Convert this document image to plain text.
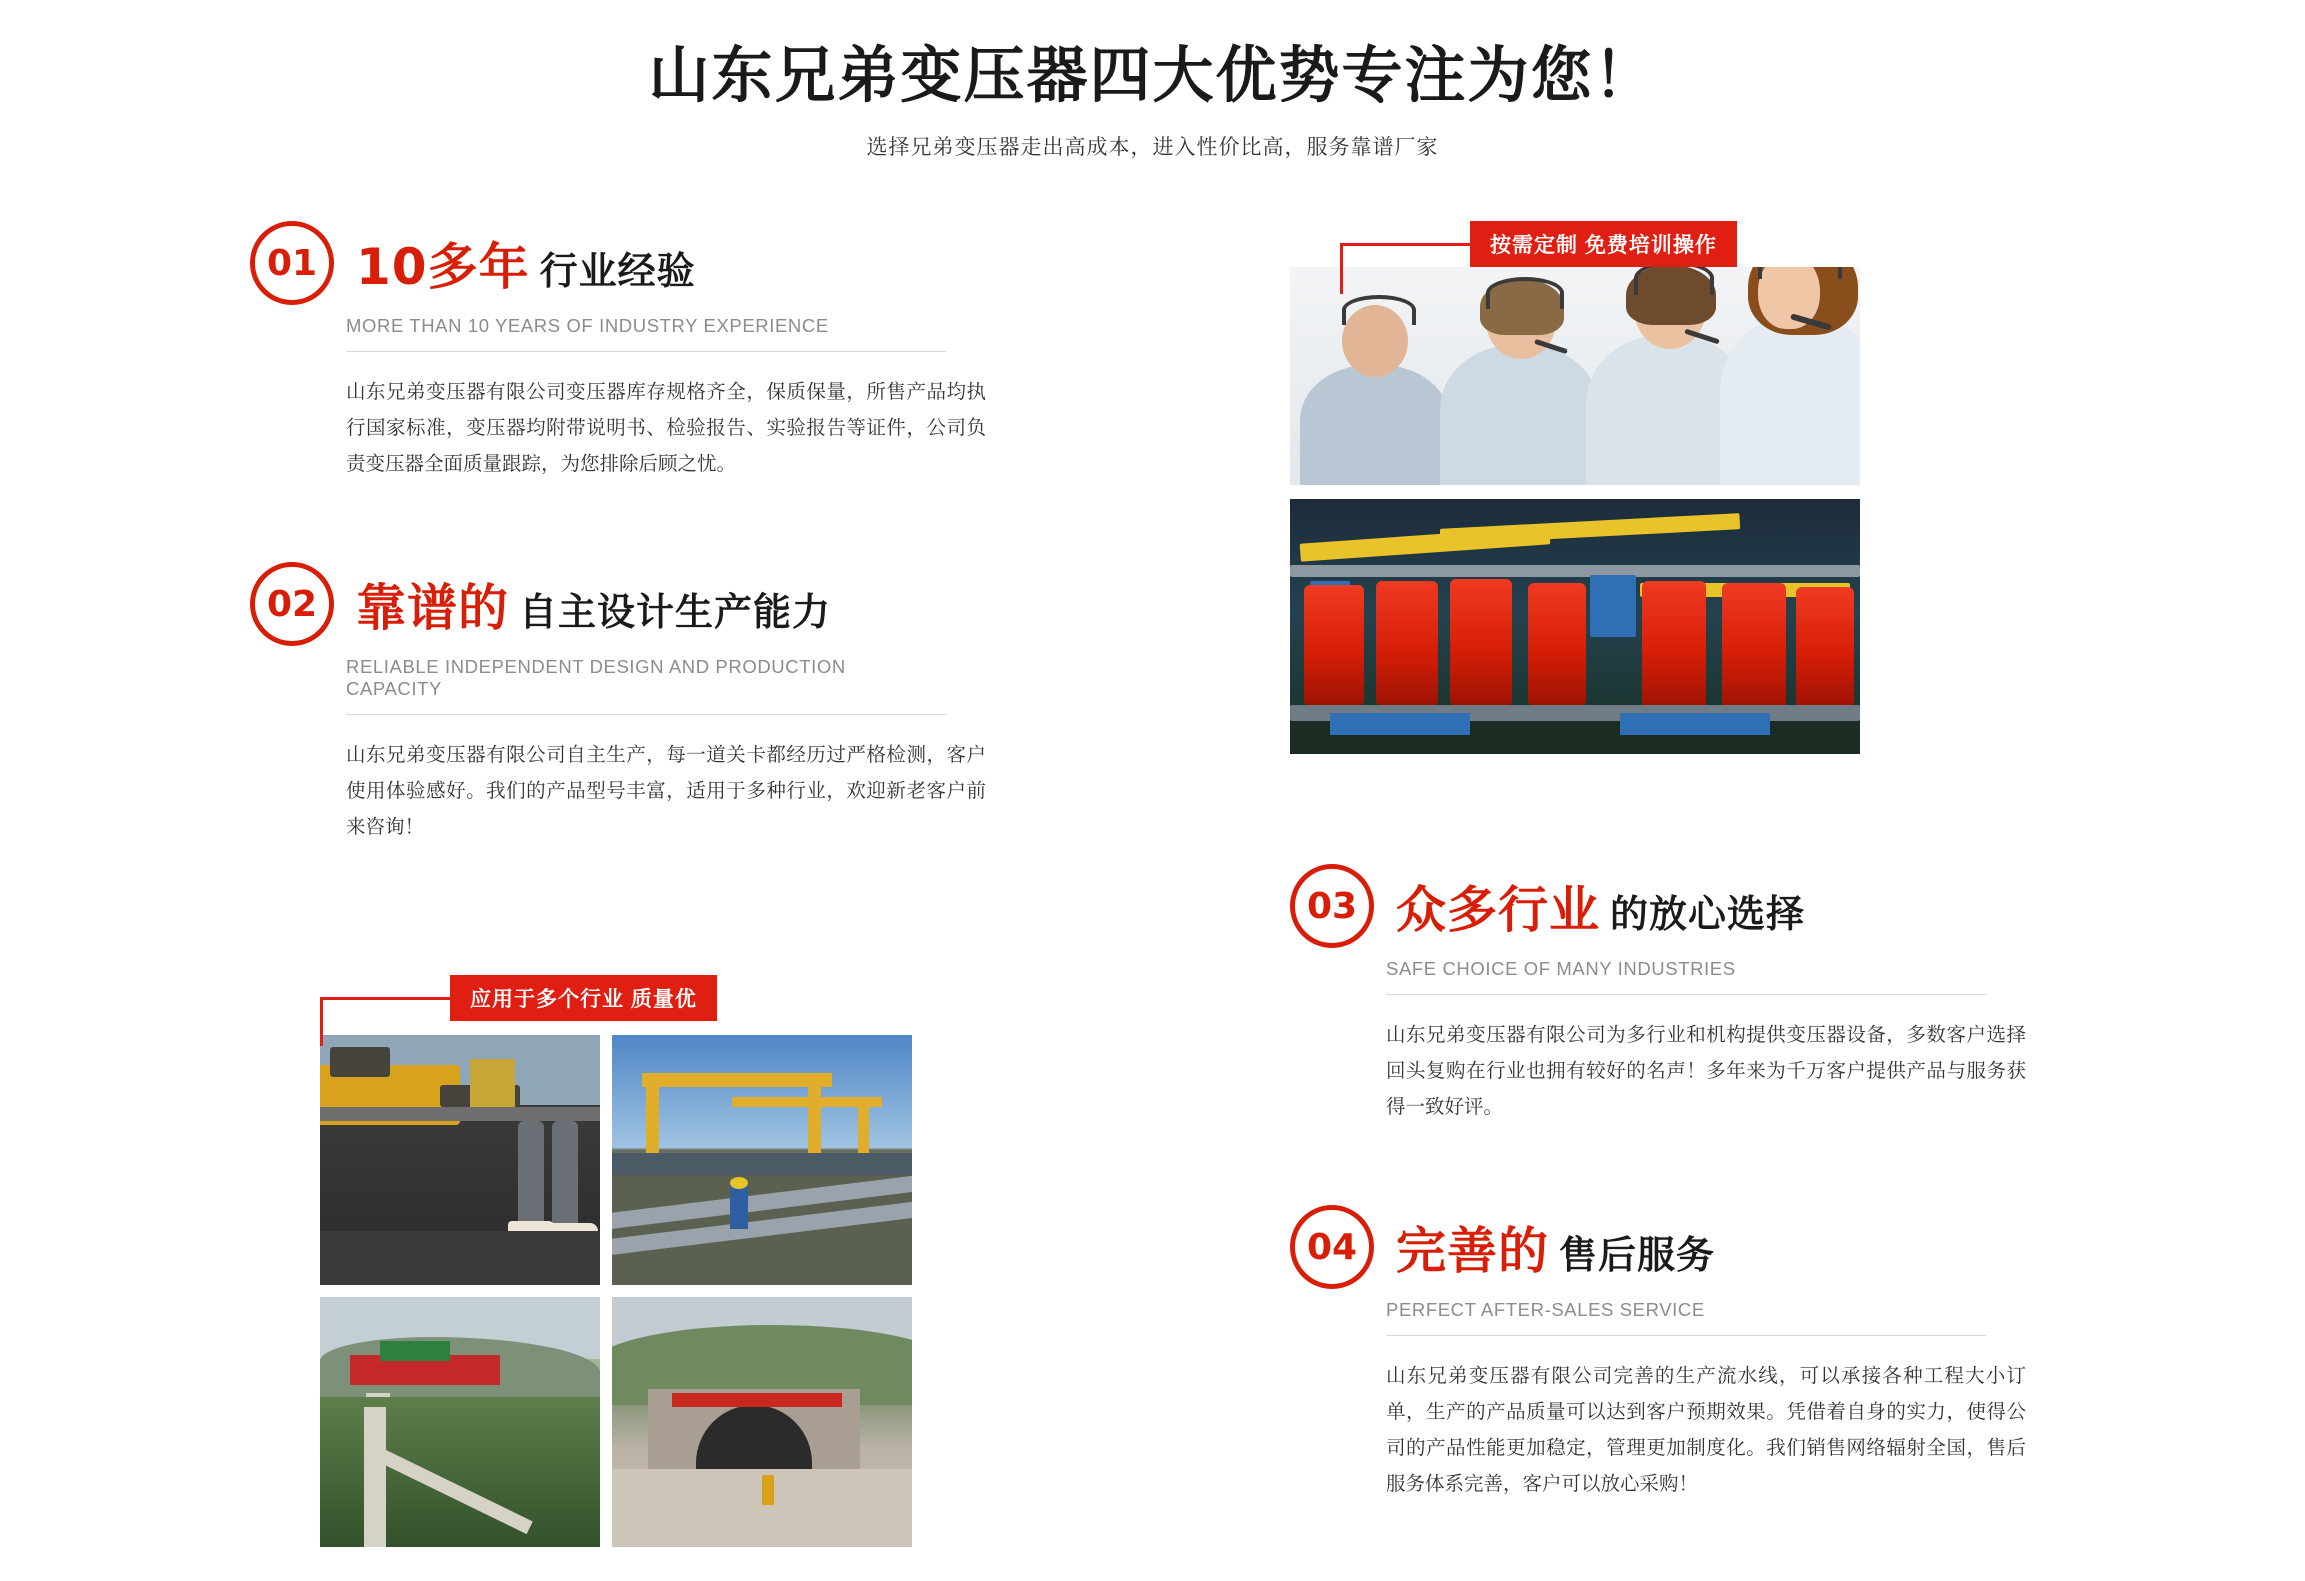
山东兄弟变压器四大优势专注为您！
选择兄弟变压器走出高成本，进入性价比高，服务靠谱厂家
01 10多年 行业经验
MORE THAN 10 YEARS OF INDUSTRY EXPERIENCE
山东兄弟变压器有限公司变压器库存规格齐全，保质保量，所售产品均执行国家标准，变压器均附带说明书、检验报告、实验报告等证件，公司负责变压器全面质量跟踪，为您排除后顾之忧。
02 靠谱的 自主设计生产能力
RELIABLE INDEPENDENT DESIGN AND PRODUCTION CAPACITY
山东兄弟变压器有限公司自主生产，每一道关卡都经历过严格检测，客户使用体验感好。我们的产品型号丰富，适用于多种行业，欢迎新老客户前来咨询！
应用于多个行业 质量优
按需定制 免费培训操作
03 众多行业 的放心选择
SAFE CHOICE OF MANY INDUSTRIES
山东兄弟变压器有限公司为多行业和机构提供变压器设备，多数客户选择回头复购在行业也拥有较好的名声！多年来为千万客户提供产品与服务获得一致好评。
04 完善的 售后服务
PERFECT AFTER-SALES SERVICE
山东兄弟变压器有限公司完善的生产流水线，可以承接各种工程大小订单，生产的产品质量可以达到客户预期效果。凭借着自身的实力，使得公司的产品性能更加稳定，管理更加制度化。我们销售网络辐射全国，售后服务体系完善，客户可以放心采购！
